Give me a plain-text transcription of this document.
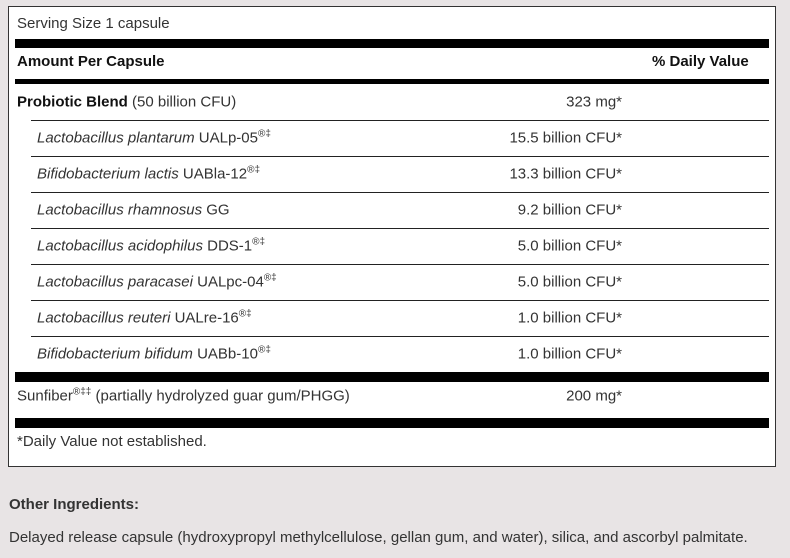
Serving Size 1 capsule
Amount Per Capsule	% Daily Value
Probiotic Blend (50 billion CFU)	323 mg*
Lactobacillus plantarum UALp-05®‡	15.5 billion CFU*
Bifidobacterium lactis UABla-12®‡	13.3 billion CFU*
Lactobacillus rhamnosus GG	9.2 billion CFU*
Lactobacillus acidophilus DDS-1®‡	5.0 billion CFU*
Lactobacillus paracasei UALpc-04®‡	5.0 billion CFU*
Lactobacillus reuteri UALre-16®‡	1.0 billion CFU*
Bifidobacterium bifidum UABb-10®‡	1.0 billion CFU*
Sunfiber®‡‡ (partially hydrolyzed guar gum/PHGG)	200 mg*
*Daily Value not established.
Other Ingredients:
Delayed release capsule (hydroxypropyl methylcellulose, gellan gum, and water), silica, and ascorbyl palmitate.
